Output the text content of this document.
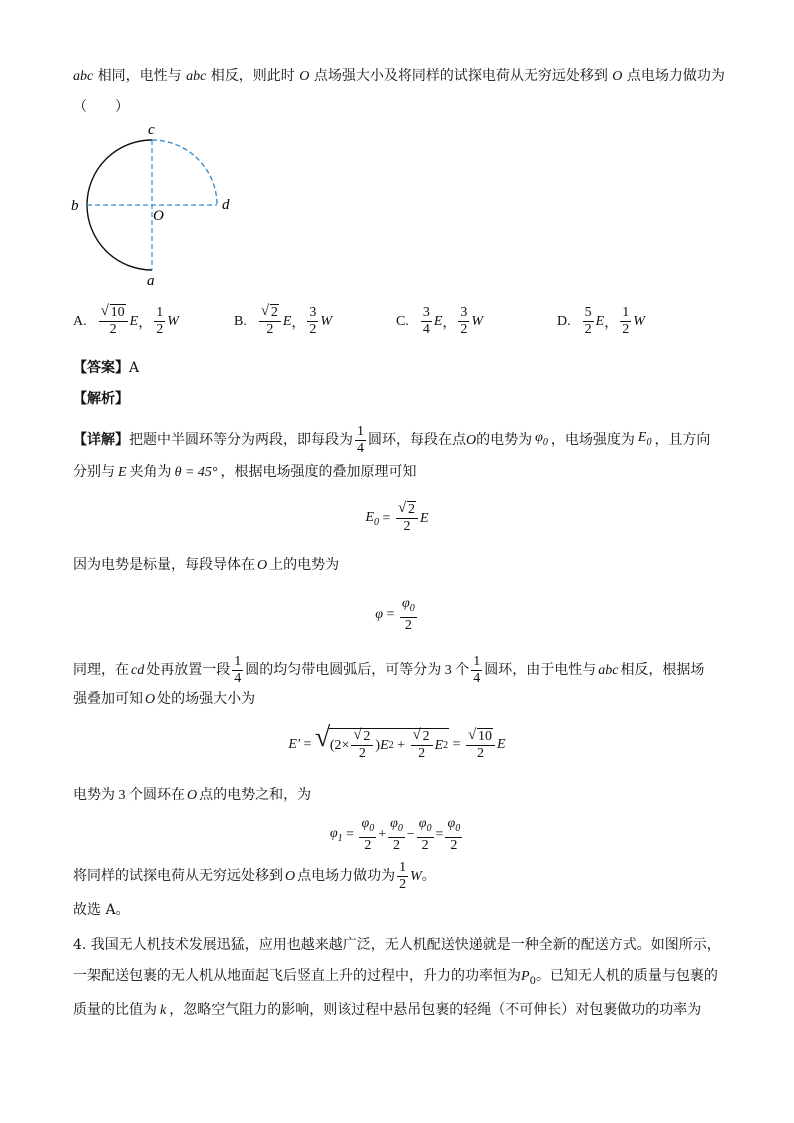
abc 相同，电性与 abc 相反，则此时 O 点场强大小及将同样的试探电荷从无穷远处移到 O 点电场力做功为
（　　）
c
b
O
d
a
A. $\frac{√ 10}{2}$ E ， $\frac{1}{2}$ W	B. $\frac{√ 2}{2}$ E ， $\frac{3}{2}$ W	C. $\frac{3}{4}$ E ， $\frac{3}{2}$ W	D. $\frac{5}{2}$ E ， $\frac{1}{2}$ W
【答案】A
【解析】
【详解】 把题中半圆环等分为两段，即每段为 $\frac{1}{4}$ 圆环，每段在点 O 的电势为 $\varphi_0$ ，电场强度为 $E_0$ ，且方向
分别与 E 夹角为 θ = 45° ，根据电场强度的叠加原理可知
$E_0 = \frac{√ 2}{2}$ E
因为电势是标量，每段导体在 O 上的电势为
$\varphi = \frac{\varphi_0}{2}$
同理，在 cd 处再放置一段 $\frac{1}{4}$ 圆的均匀带电圆弧后，可等分为 3 个 $\frac{1}{4}$ 圆环，由于电性与 abc 相反，根据场
强叠加可知 O 处的场强大小为
E' = √ ($2\times \frac{√ 2}{2}$ ) E $2 + \frac{√ 2}{2}$ E $2 = \frac{√ 10}{2}$ E
电势为 3 个圆环在 O 点的电势之和，为
$\varphi_1 = \frac{\varphi_0}{2} + \frac{\varphi_0}{2} - \frac{\varphi_0}{2} = \frac{\varphi_0}{2}$
将同样的试探电荷从无穷远处移到 O 点电场力做功为 $\frac{1}{2}$ W 。
故选 A。
4. 我国无人机技术发展迅猛，应用也越来越广泛，无人机配送快递就是一种全新的配送方式。如图所示，
一架配送包裹的无人机从地面起飞后竖直上升的过程中，升力的功率恒为$P_0$。已知无人机的质量与包裹的
质量的比值为 k ，忽略空气阻力的影响，则该过程中悬吊包裹的轻绳（不可伸长）对包裹做功的功率为
